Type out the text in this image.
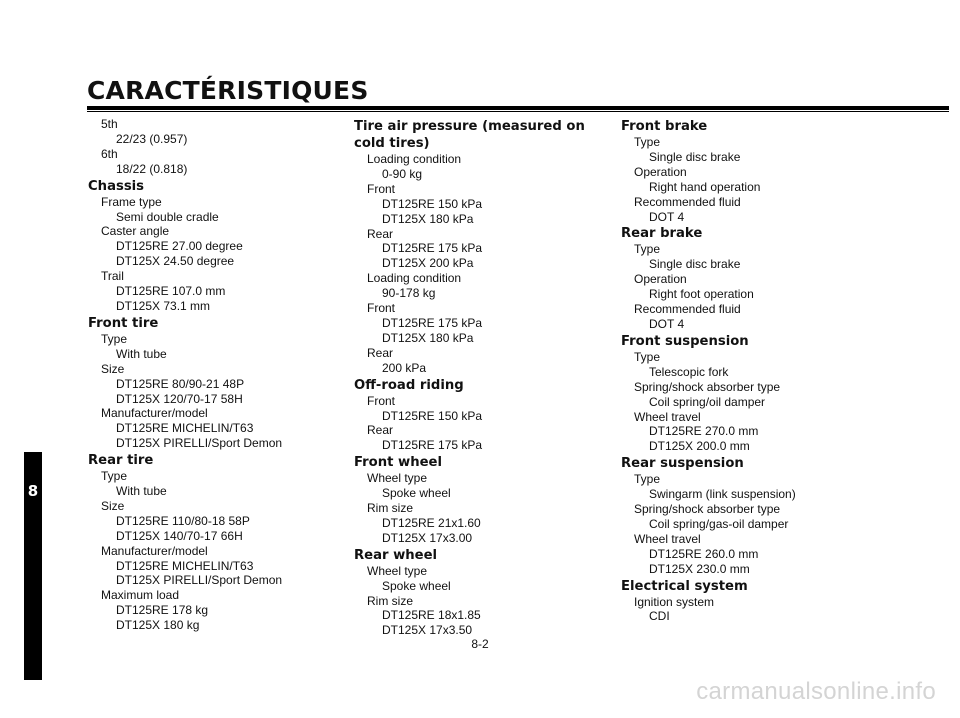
CARACTÉRISTIQUES
8
5th
22/23 (0.957)
6th
18/22 (0.818)
Chassis
Frame type
Semi double cradle
Caster angle
DT125RE 27.00 degree
DT125X 24.50 degree
Trail
DT125RE 107.0 mm
DT125X 73.1 mm
Front tire
Type
With tube
Size
DT125RE 80/90-21 48P
DT125X 120/70-17 58H
Manufacturer/model
DT125RE MICHELIN/T63
DT125X PIRELLI/Sport Demon
Rear tire
Type
With tube
Size
DT125RE 110/80-18 58P
DT125X 140/70-17 66H
Manufacturer/model
DT125RE MICHELIN/T63
DT125X PIRELLI/Sport Demon
Maximum load
DT125RE 178 kg
DT125X 180 kg
Tire air pressure (measured on cold tires)
Loading condition
0-90 kg
Front
DT125RE 150 kPa
DT125X 180 kPa
Rear
DT125RE 175 kPa
DT125X 200 kPa
Loading condition
90-178 kg
Front
DT125RE 175 kPa
DT125X 180 kPa
Rear
200 kPa
Off-road riding
Front
DT125RE 150 kPa
Rear
DT125RE 175 kPa
Front wheel
Wheel type
Spoke wheel
Rim size
DT125RE 21x1.60
DT125X 17x3.00
Rear wheel
Wheel type
Spoke wheel
Rim size
DT125RE 18x1.85
DT125X 17x3.50
Front brake
Type
Single disc brake
Operation
Right hand operation
Recommended fluid
DOT 4
Rear brake
Type
Single disc brake
Operation
Right foot operation
Recommended fluid
DOT 4
Front suspension
Type
Telescopic fork
Spring/shock absorber type
Coil spring/oil damper
Wheel travel
DT125RE 270.0 mm
DT125X 200.0 mm
Rear suspension
Type
Swingarm (link suspension)
Spring/shock absorber type
Coil spring/gas-oil damper
Wheel travel
DT125RE 260.0 mm
DT125X 230.0 mm
Electrical system
Ignition system
CDI
8-2
carmanualsonline.info
